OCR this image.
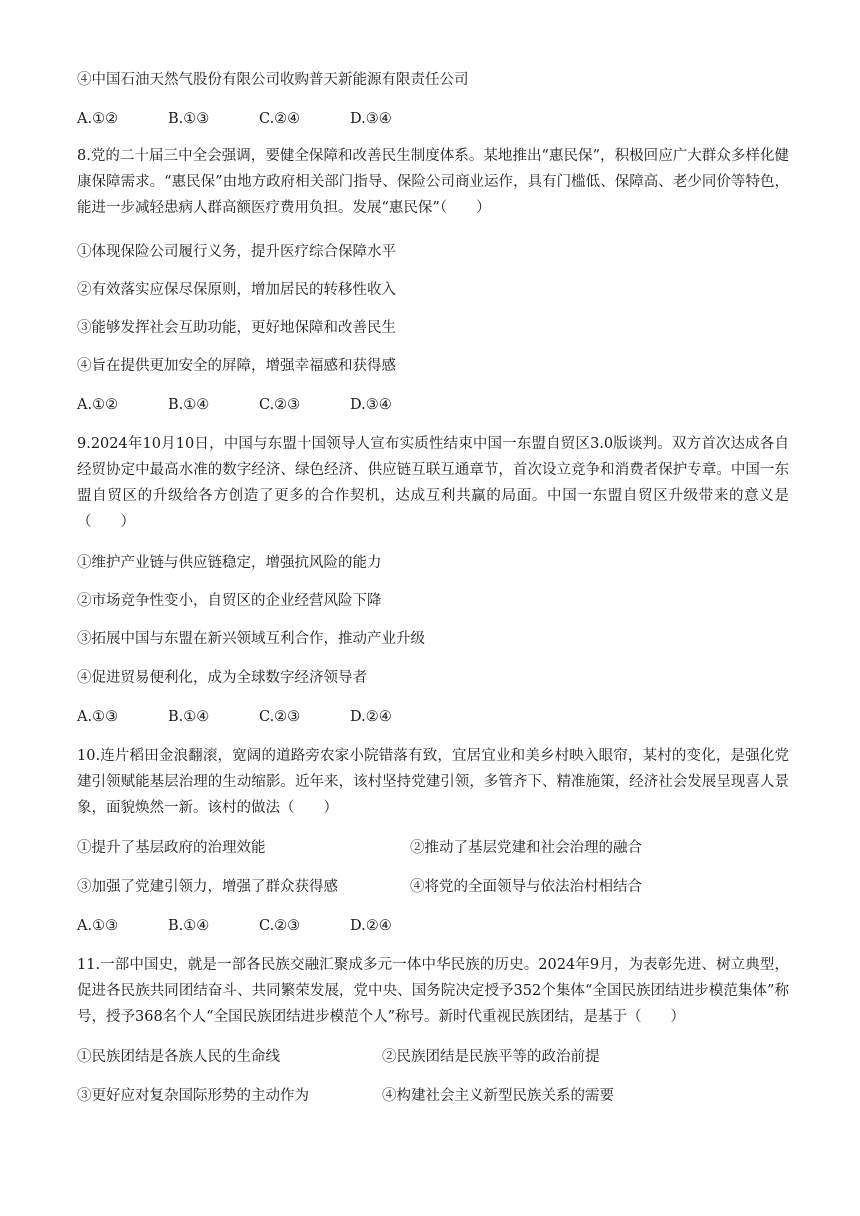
④中国石油天然气股份有限公司收购普天新能源有限责任公司
A.①②	B.①③	C.②④	D.③④
8.党的二十届三中全会强调，要健全保障和改善民生制度体系。某地推出“惠民保”，积极回应广大群众多样化健康保障需求。“惠民保”由地方政府相关部门指导、保险公司商业运作，具有门槛低、保障高、老少同价等特色，能进一步减轻患病人群高额医疗费用负担。发展“惠民保”（　　）
①体现保险公司履行义务，提升医疗综合保障水平
②有效落实应保尽保原则，增加居民的转移性收入
③能够发挥社会互助功能，更好地保障和改善民生
④旨在提供更加安全的屏障，增强幸福感和获得感
A.①②	B.①④	C.②③	D.③④
9.2024年10月10日，中国与东盟十国领导人宣布实质性结束中国一东盟自贸区3.0版谈判。双方首次达成各自经贸协定中最高水准的数字经济、绿色经济、供应链互联互通章节，首次设立竞争和消费者保护专章。中国一东盟自贸区的升级给各方创造了更多的合作契机，达成互利共赢的局面。中国一东盟自贸区升级带来的意义是（　　）
①维护产业链与供应链稳定，增强抗风险的能力
②市场竞争性变小，自贸区的企业经营风险下降
③拓展中国与东盟在新兴领域互利合作，推动产业升级
④促进贸易便利化，成为全球数字经济领导者
A.①③	B.①④	C.②③	D.②④
10.连片稻田金浪翻滚，宽阔的道路旁农家小院错落有致，宜居宜业和美乡村映入眼帘，某村的变化，是强化党建引领赋能基层治理的生动缩影。近年来，该村坚持党建引领，多管齐下、精准施策，经济社会发展呈现喜人景象，面貌焕然一新。该村的做法（　　）
①提升了基层政府的治理效能	②推动了基层党建和社会治理的融合
③加强了党建引领力，增强了群众获得感	④将党的全面领导与依法治村相结合
A.①③	B.①④	C.②③	D.②④
11.一部中国史，就是一部各民族交融汇聚成多元一体中华民族的历史。2024年9月，为表彰先进、树立典型，促进各民族共同团结奋斗、共同繁荣发展，党中央、国务院决定授予352个集体“全国民族团结进步模范集体”称号，授予368名个人“全国民族团结进步模范个人”称号。新时代重视民族团结，是基于（　　）
①民族团结是各族人民的生命线	②民族团结是民族平等的政治前提
③更好应对复杂国际形势的主动作为	④构建社会主义新型民族关系的需要
